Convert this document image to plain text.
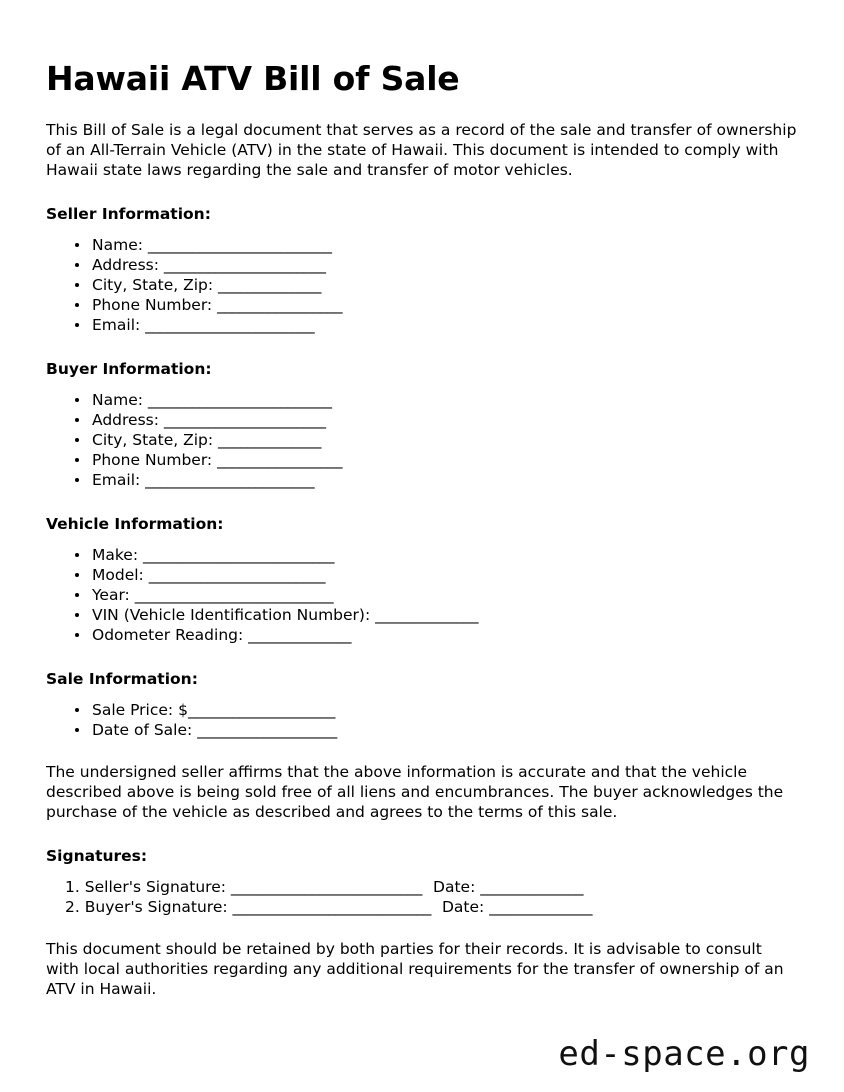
Hawaii ATV Bill of Sale

This Bill of Sale is a legal document that serves as a record of the sale and transfer of ownership of an All-Terrain Vehicle (ATV) in the state of Hawaii. This document is intended to comply with Hawaii state laws regarding the sale and transfer of motor vehicles.

Seller Information:
Name: _________________________
Address: ______________________
City, State, Zip: ______________
Phone Number: _________________
Email: _______________________
Buyer Information:
Name: _________________________
Address: ______________________
City, State, Zip: ______________
Phone Number: _________________
Email: _______________________
Vehicle Information:
Make: __________________________
Model: ________________________
Year: ___________________________
VIN (Vehicle Identification Number): ______________
Odometer Reading: ______________
Sale Information:
Sale Price: $____________________
Date of Sale: ___________________

The undersigned seller affirms that the above information is accurate and that the vehicle described above is being sold free of all liens and encumbrances. The buyer acknowledges the purchase of the vehicle as described and agrees to the terms of this sale.

Signatures:
1. Seller's Signature: __________________________ Date: ______________
2. Buyer's Signature: ___________________________ Date: ______________

This document should be retained by both parties for their records. It is advisable to consult with local authorities regarding any additional requirements for the transfer of ownership of an ATV in Hawaii.

ed-space.org
